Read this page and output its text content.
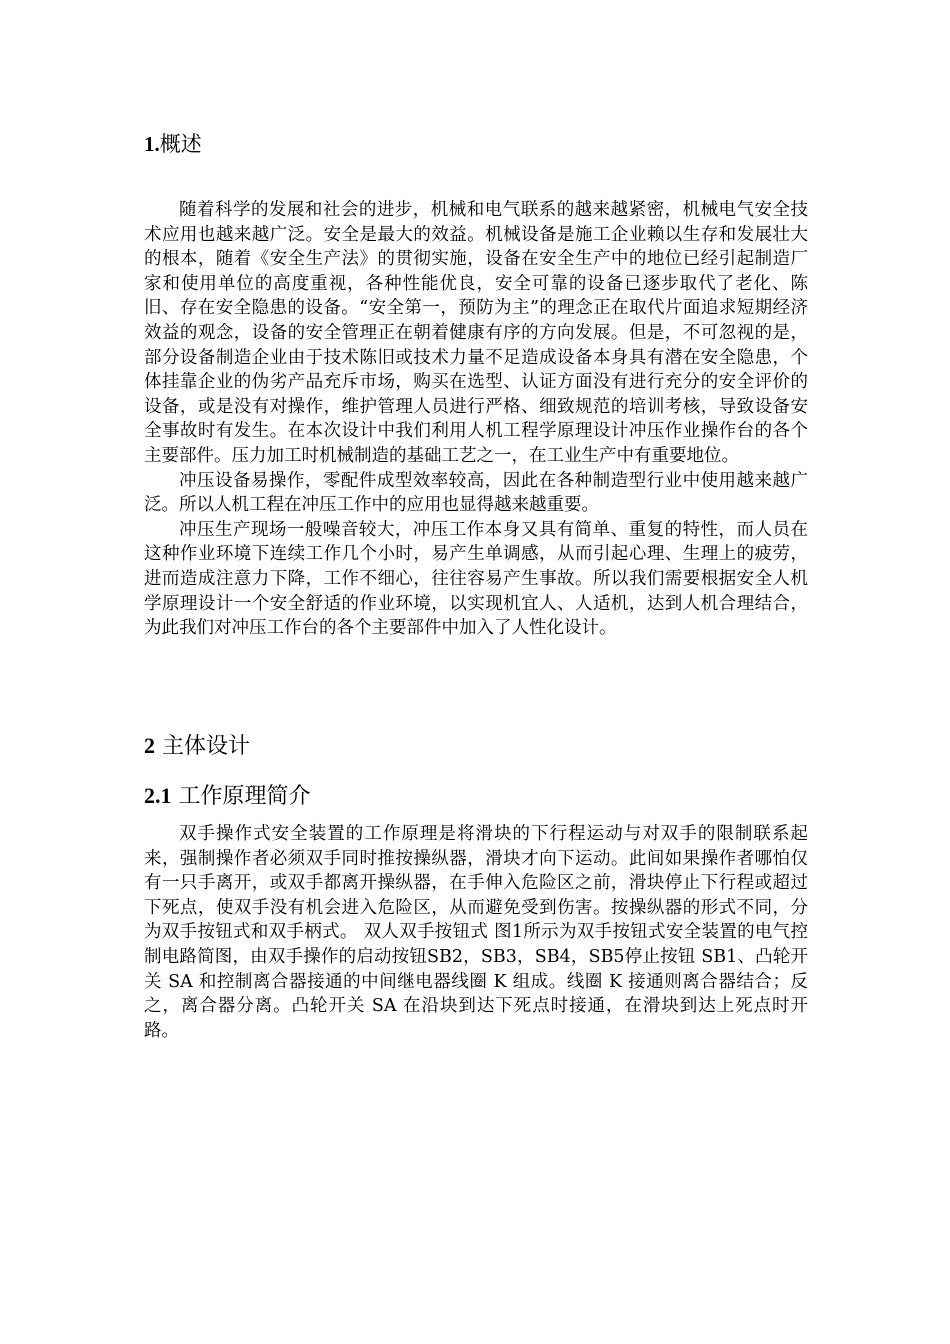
1.概述

随着科学的发展和社会的进步，机械和电气联系的越来越紧密，机械电气安全技术应用也越来越广泛。安全是最大的效益。机械设备是施工企业赖以生存和发展壮大的根本，随着《安全生产法》的贯彻实施，设备在安全生产中的地位已经引起制造厂家和使用单位的高度重视，各种性能优良，安全可靠的设备已逐步取代了老化、陈旧、存在安全隐患的设备。“安全第一，预防为主”的理念正在取代片面追求短期经济效益的观念，设备的安全管理正在朝着健康有序的方向发展。但是，不可忽视的是，部分设备制造企业由于技术陈旧或技术力量不足造成设备本身具有潜在安全隐患，个体挂靠企业的伪劣产品充斥市场，购买在选型、认证方面没有进行充分的安全评价的设备，或是没有对操作，维护管理人员进行严格、细致规范的培训考核，导致设备安全事故时有发生。在本次设计中我们利用人机工程学原理设计冲压作业操作台的各个主要部件。压力加工时机械制造的基础工艺之一，在工业生产中有重要地位。

冲压设备易操作，零配件成型效率较高，因此在各种制造型行业中使用越来越广泛。所以人机工程在冲压工作中的应用也显得越来越重要。

冲压生产现场一般噪音较大，冲压工作本身又具有简单、重复的特性，而人员在这种作业环境下连续工作几个小时，易产生单调感，从而引起心理、生理上的疲劳，进而造成注意力下降，工作不细心，往往容易产生事故。所以我们需要根据安全人机学原理设计一个安全舒适的作业环境，以实现机宜人、人适机，达到人机合理结合，为此我们对冲压工作台的各个主要部件中加入了人性化设计。

2 主体设计
2.1 工作原理简介

双手操作式安全装置的工作原理是将滑块的下行程运动与对双手的限制联系起来，强制操作者必须双手同时推按操纵器，滑块才向下运动。此间如果操作者哪怕仅有一只手离开，或双手都离开操纵器，在手伸入危险区之前，滑块停止下行程或超过下死点，使双手没有机会进入危险区，从而避免受到伤害。按操纵器的形式不同，分为双手按钮式和双手柄式。 双人双手按钮式 图1所示为双手按钮式安全装置的电气控制电路简图，由双手操作的启动按钮SB2，SB3，SB4，SB5停止按钮 SB1、凸轮开关 SA 和控制离合器接通的中间继电器线圈 K 组成。线圈 K 接通则离合器结合；反之，离合器分离。凸轮开关 SA 在沿块到达下死点时接通，在滑块到达上死点时开路。
